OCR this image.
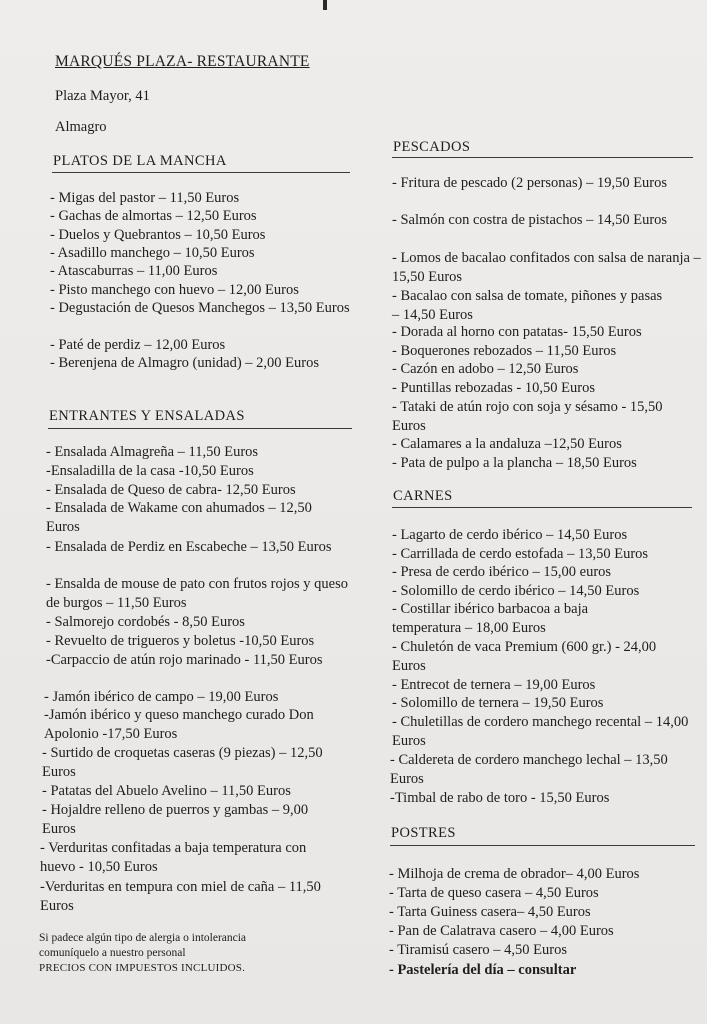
MARQUÉS PLAZA- RESTAURANTE
Plaza Mayor, 41
Almagro
PLATOS DE LA MANCHA
- Migas del pastor – 11,50 Euros
- Gachas de almortas – 12,50 Euros
- Duelos y Quebrantos – 10,50 Euros
- Asadillo manchego – 10,50 Euros
- Atascaburras – 11,00 Euros
- Pisto manchego con huevo – 12,00 Euros
- Degustación de Quesos Manchegos – 13,50 Euros
- Paté de perdiz – 12,00 Euros
- Berenjena de Almagro (unidad) – 2,00 Euros
ENTRANTES Y ENSALADAS
- Ensalada Almagreña – 11,50 Euros
-Ensaladilla de la casa -10,50 Euros
- Ensalada de Queso de cabra- 12,50 Euros
- Ensalada de Wakame con ahumados – 12,50 Euros
- Ensalada de Perdiz en Escabeche – 13,50 Euros
- Ensalda de mouse de pato con frutos rojos y queso de burgos – 11,50 Euros
- Salmorejo cordobés - 8,50 Euros
- Revuelto de trigueros y boletus -10,50 Euros
-Carpaccio de atún rojo marinado - 11,50 Euros
- Jamón ibérico de campo – 19,00 Euros
-Jamón ibérico y queso manchego curado Don Apolonio -17,50 Euros
- Surtido de croquetas caseras (9 piezas) – 12,50 Euros
- Patatas del Abuelo Avelino – 11,50 Euros
- Hojaldre relleno de puerros y gambas – 9,00 Euros
- Verduritas confitadas a baja temperatura con huevo - 10,50 Euros
-Verduritas en tempura con miel de caña – 11,50 Euros
Si padece algún tipo de alergia o intolerancia
comuníquelo a nuestro personal
PRECIOS CON IMPUESTOS INCLUIDOS.
PESCADOS
- Fritura de pescado (2 personas) – 19,50 Euros
- Salmón con costra de pistachos – 14,50 Euros
- Lomos de bacalao confitados con salsa de naranja – 15,50 Euros
- Bacalao con salsa de tomate, piñones y pasas – 14,50 Euros
- Dorada al horno con patatas- 15,50 Euros
- Boquerones rebozados – 11,50 Euros
- Cazón en adobo – 12,50 Euros
- Puntillas rebozadas - 10,50 Euros
- Tataki de atún rojo con soja y sésamo - 15,50 Euros
- Calamares a la andaluza –12,50 Euros
- Pata de pulpo a la plancha – 18,50 Euros
CARNES
- Lagarto de cerdo ibérico – 14,50 Euros
- Carrillada de cerdo estofada – 13,50 Euros
- Presa de cerdo ibérico – 15,00 euros
- Solomillo de cerdo ibérico – 14,50 Euros
- Costillar ibérico barbacoa a baja temperatura – 18,00 Euros
- Chuletón de vaca Premium (600 gr.) - 24,00 Euros
- Entrecot de ternera – 19,00 Euros
- Solomillo de ternera – 19,50 Euros
- Chuletillas de cordero manchego recental – 14,00 Euros
- Caldereta de cordero manchego lechal – 13,50 Euros
-Timbal de rabo de toro - 15,50 Euros
POSTRES
- Milhoja de crema de obrador– 4,00 Euros
- Tarta de queso casera – 4,50 Euros
- Tarta Guiness casera– 4,50 Euros
- Pan de Calatrava casero – 4,00 Euros
- Tiramisú casero – 4,50 Euros
- Pastelería del día – consultar
